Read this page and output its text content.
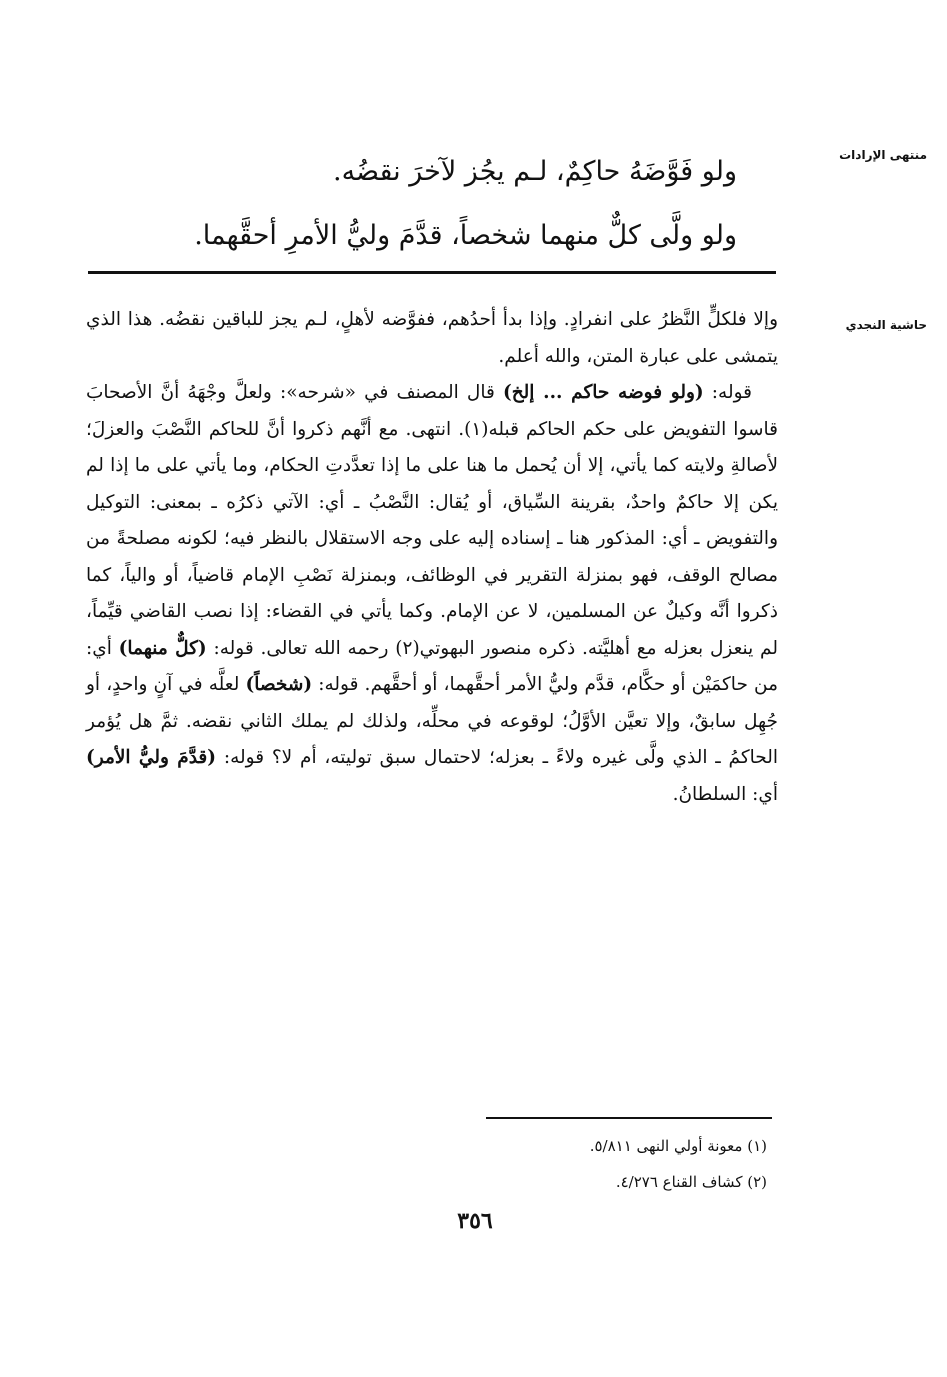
منتهى الإرادات
حاشية النجدي

ولو فَوَّضَهُ حاكِمٌ، لـم يجُز لآخرَ نقضُه.

ولو ولَّى كلٌّ منهما شخصاً، قدَّمَ وليُّ الأمرِ أحقَّهما.

وإلا فلكلٍّ النَّظرُ على انفرادٍ. وإذا بدأ أحدُهم، ففوَّضه لأهلٍ، لـم يجز للباقين نقضُه. هذا الذي يتمشى على عبارة المتن، والله أعلم.

قوله: (ولو فوضه حاكم ... إلخ) قال المصنف في «شرحه»: ولعلَّ وجْهَهُ أنَّ الأصحابَ قاسوا التفويض على حكم الحاكم قبله(١). انتهى. مع أنَّهم ذكروا أنَّ للحاكم النَّصْبَ والعزلَ؛ لأصالةِ ولايته كما يأتي، إلا أن يُحمل ما هنا على ما إذا تعدَّدتِ الحكام، وما يأتي على ما إذا لم يكن إلا حاكمٌ واحدٌ، بقرينة السِّياق، أو يُقال: النَّصْبُ ـ أي: الآتي ذكرُه ـ بمعنى: التوكيل والتفويض ـ أي: المذكور هنا ـ إسناده إليه على وجه الاستقلال بالنظر فيه؛ لكونه مصلحةً من مصالح الوقف، فهو بمنزلة التقرير في الوظائف، وبمنزلة نَصْبِ الإمام قاضياً، أو والياً، كما ذكروا أنَّه وكيلٌ عن المسلمين، لا عن الإمام. وكما يأتي في القضاء: إذا نصب القاضي قيِّماً، لم ينعزل بعزله مع أهليَّته. ذكره منصور البهوتي(٢) رحمه الله تعالى. قوله: (كلٌّ منهما) أي: من حاكمَيْن أو حكَّام، قدَّم وليُّ الأمر أحقَّهما، أو أحقَّهم. قوله: (شخصاً) لعلَّه في آنٍ واحدٍ، أو جُهِل سابقٌ، وإلا تعيَّن الأوَّلُ؛ لوقوعه في محلِّه، ولذلك لم يملك الثاني نقضه. ثمَّ هل يُؤمر الحاكمُ ـ الذي ولَّى غيره ولاءً ـ بعزله؛ لاحتمال سبق توليته، أم لا؟ قوله: (قدَّمَ وليُّ الأمر) أي: السلطانُ.

(١) معونة أولي النهى ٥/٨١١.
(٢) كشاف القناع ٤/٢٧٦.
٣٥٦
